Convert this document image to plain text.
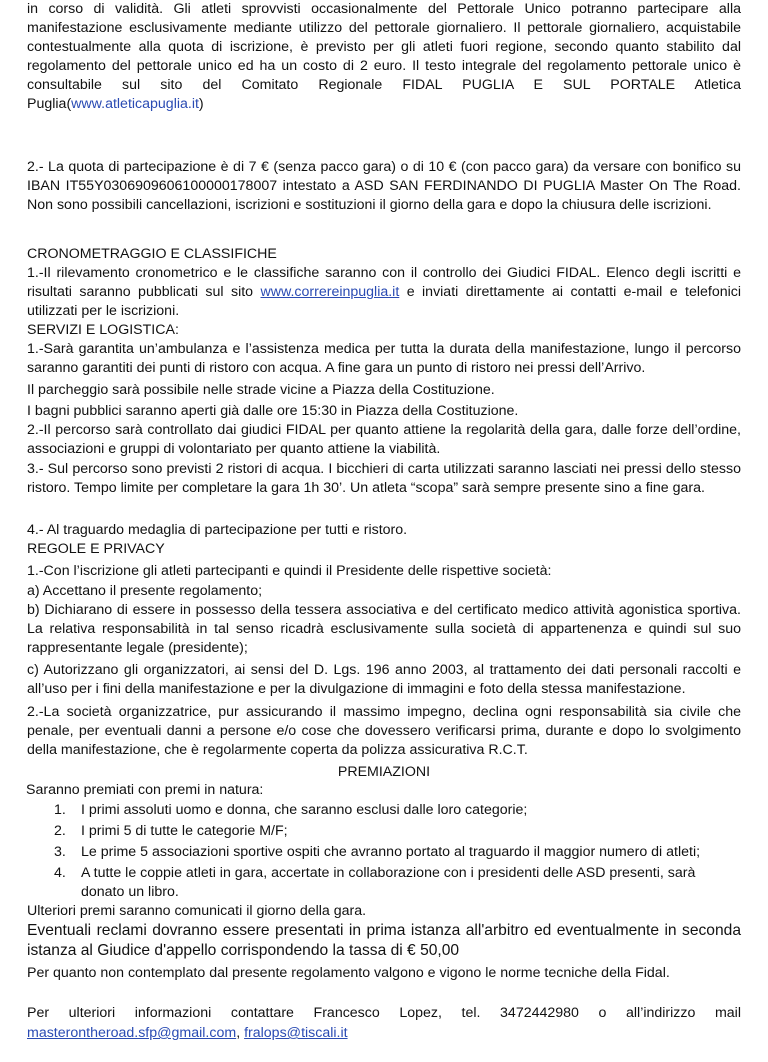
in corso di validità. Gli atleti sprovvisti occasionalmente del Pettorale Unico potranno partecipare alla manifestazione esclusivamente mediante utilizzo del pettorale giornaliero. Il pettorale giornaliero, acquistabile contestualmente alla quota di iscrizione, è previsto per gli atleti fuori regione, secondo quanto stabilito dal regolamento del pettorale unico ed ha un costo di 2 euro. Il testo integrale del regolamento pettorale unico è consultabile sul sito del Comitato Regionale FIDAL PUGLIA E SUL PORTALE Atletica Puglia(www.atleticapuglia.it)

2.- La quota di partecipazione è di 7 € (senza pacco gara) o di 10 € (con pacco gara) da versare con bonifico su IBAN IT55Y0306909606100000178007 intestato a ASD SAN FERDINANDO DI PUGLIA Master On The Road. Non sono possibili cancellazioni, iscrizioni e sostituzioni il giorno della gara e dopo la chiusura delle iscrizioni.

CRONOMETRAGGIO E CLASSIFICHE

1.-Il rilevamento cronometrico e le classifiche saranno con il controllo dei Giudici FIDAL. Elenco degli iscritti e risultati saranno pubblicati sul sito www.correreinpuglia.it e inviati direttamente ai contatti e-mail e telefonici utilizzati per le iscrizioni.

SERVIZI E LOGISTICA:

1.-Sarà garantita un’ambulanza e l’assistenza medica per tutta la durata della manifestazione, lungo il percorso saranno garantiti dei punti di ristoro con acqua. A fine gara un punto di ristoro nei pressi dell’Arrivo.

Il parcheggio sarà possibile nelle strade vicine a Piazza della Costituzione.

I bagni pubblici saranno aperti già dalle ore 15:30 in Piazza della Costituzione.

2.-Il percorso sarà controllato dai giudici FIDAL per quanto attiene la regolarità della gara, dalle forze dell’ordine, associazioni e gruppi di volontariato per quanto attiene la viabilità.

3.- Sul percorso sono previsti 2 ristori di acqua. I bicchieri di carta utilizzati saranno lasciati nei pressi dello stesso ristoro. Tempo limite per completare la gara 1h 30’. Un atleta “scopa” sarà sempre presente sino a fine gara.

4.- Al traguardo medaglia di partecipazione per tutti e ristoro.

REGOLE E PRIVACY

1.-Con l’iscrizione gli atleti partecipanti e quindi il Presidente delle rispettive società:

a) Accettano il presente regolamento;

b) Dichiarano di essere in possesso della tessera associativa e del certificato medico attività agonistica sportiva. La relativa responsabilità in tal senso ricadrà esclusivamente sulla società di appartenenza e quindi sul suo rappresentante legale (presidente);

c) Autorizzano gli organizzatori, ai sensi del D. Lgs. 196 anno 2003, al trattamento dei dati personali raccolti e all’uso per i fini della manifestazione e per la divulgazione di immagini e foto della stessa manifestazione.

2.-La società organizzatrice, pur assicurando il massimo impegno, declina ogni responsabilità sia civile che penale, per eventuali danni a persone e/o cose che dovessero verificarsi prima, durante e dopo lo svolgimento della manifestazione, che è regolarmente coperta da polizza assicurativa R.C.T.

PREMIAZIONI

Saranno premiati con premi in natura:

1. I primi assoluti uomo e donna, che saranno esclusi dalle loro categorie;
2. I primi 5 di tutte le categorie M/F;
3. Le prime 5 associazioni sportive ospiti che avranno portato al traguardo il maggior numero di atleti;
4. A tutte le coppie atleti in gara, accertate in collaborazione con i presidenti delle ASD presenti, sarà donato un libro.

Ulteriori premi saranno comunicati il giorno della gara.

Eventuali reclami dovranno essere presentati in prima istanza all'arbitro ed eventualmente in seconda istanza al Giudice d'appello corrispondendo la tassa di € 50,00

Per quanto non contemplato dal presente regolamento valgono e vigono le norme tecniche della Fidal.

Per ulteriori informazioni contattare Francesco Lopez, tel. 3472442980 o all’indirizzo mail

masterontheroad.sfp@gmail.com, fralops@tiscali.it
